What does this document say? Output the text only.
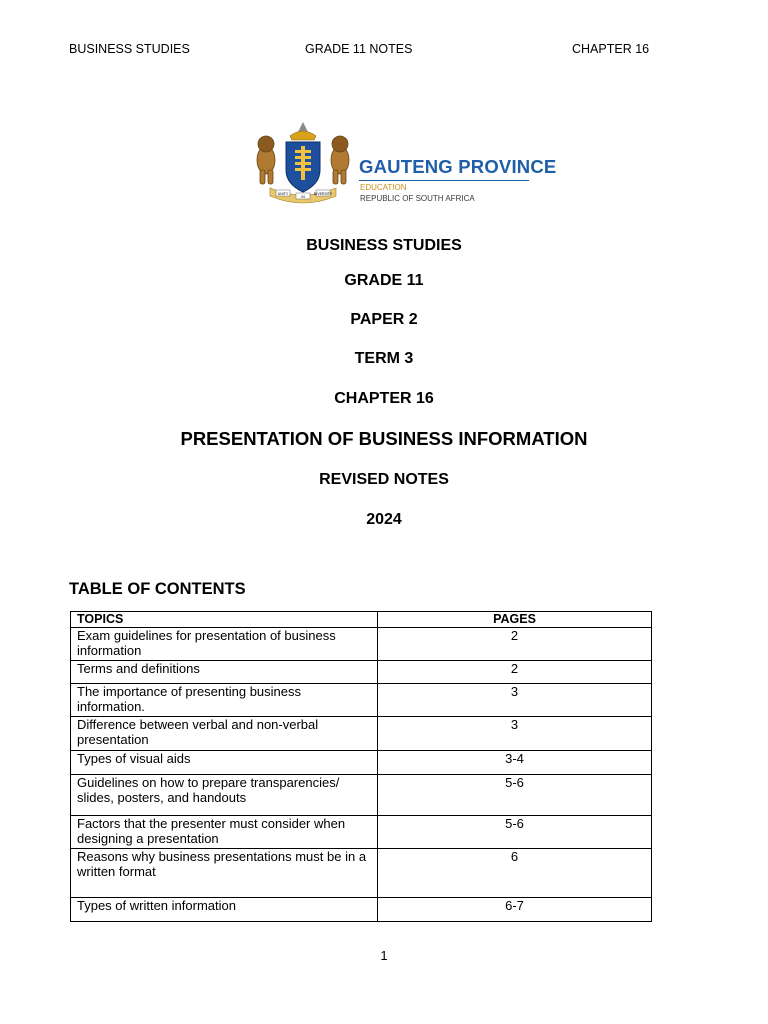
BUSINESS STUDIES	GRADE 11 NOTES	CHAPTER 16
UNITY
IN
DIVERSITY
GAUTENG PROVINCE
EDUCATION
REPUBLIC OF SOUTH AFRICA
BUSINESS STUDIES
GRADE 11
PAPER 2
TERM 3
CHAPTER 16
PRESENTATION OF BUSINESS INFORMATION
REVISED NOTES
2024
TABLE OF CONTENTS
TOPICS	PAGES
Exam guidelines for presentation of business information	2
Terms and definitions	2
The importance of presenting business information.	3
Difference between verbal and non-verbal presentation	3
Types of visual aids	3-4
Guidelines on how to prepare transparencies/ slides, posters, and handouts	5-6
Factors that the presenter must consider when designing a presentation	5-6
Reasons why business presentations must be in a written format	6
Types of written information	6-7
1
